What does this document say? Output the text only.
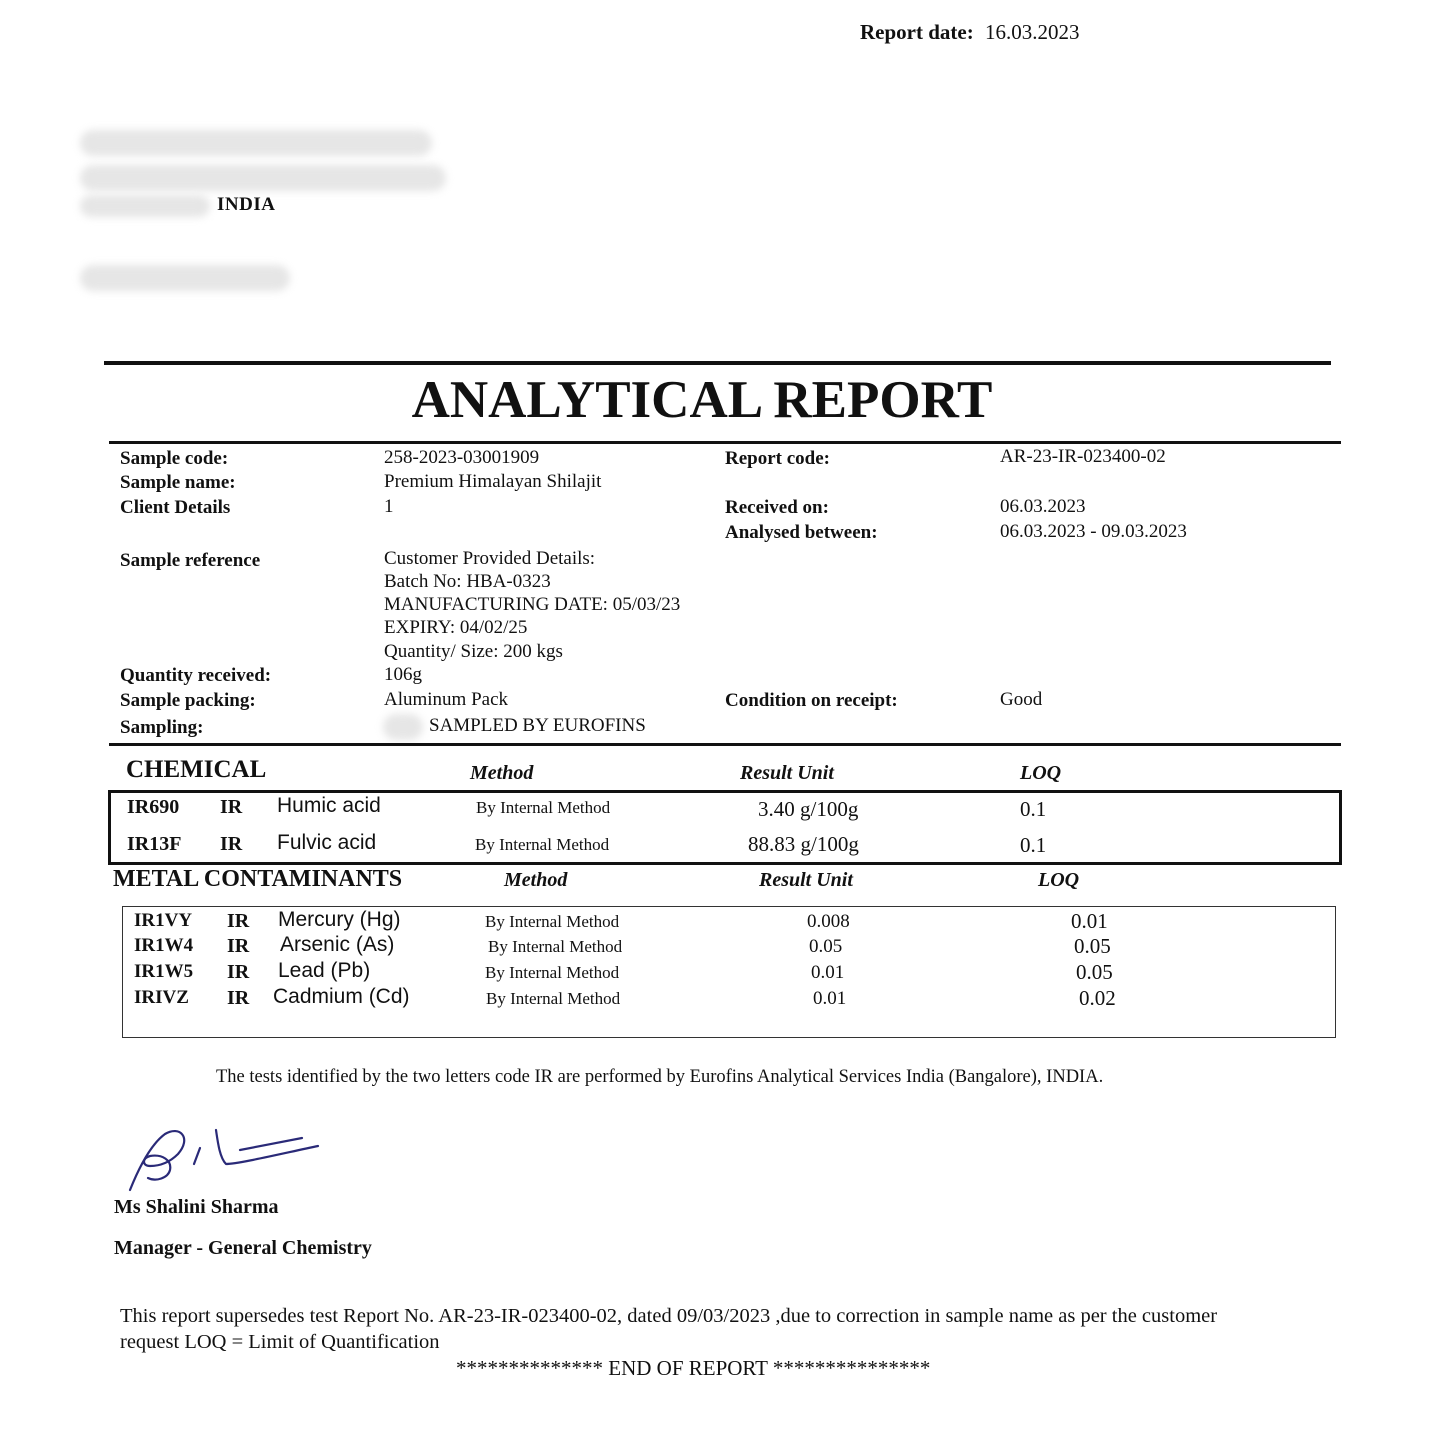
Report date: 16.03.2023
INDIA
ANALYTICAL REPORT
Sample code:	258-2023-03001909
Sample name:	Premium Himalayan Shilajit
Client Details	1
Sample reference	Customer Provided Details:
Batch No: HBA-0323
MANUFACTURING DATE: 05/03/23
EXPIRY: 04/02/25
Quantity/ Size: 200 kgs
Quantity received:	106g
Sample packing:	Aluminum Pack
Sampling:	SAMPLED BY EUROFINS
Report code:	AR-23-IR-023400-02
Received on:	06.03.2023
Analysed between:	06.03.2023 - 09.03.2023
Condition on receipt:	Good
CHEMICAL	Method	Result Unit	LOQ
IR690 IR Humic acid	By Internal Method	3.40 g/100g	0.1
IR13F IR Fulvic acid	By Internal Method	88.83 g/100g	0.1
METAL CONTAMINANTS	Method	Result Unit	LOQ
IR1VY IR Mercury (Hg)	By Internal Method	0.008	0.01
IR1W4 IR Arsenic (As)	By Internal Method	0.05	0.05
IR1W5 IR Lead (Pb)	By Internal Method	0.01	0.05
IRIVZ IR Cadmium (Cd)	By Internal Method	0.01	0.02
The tests identified by the two letters code IR are performed by Eurofins Analytical Services India (Bangalore), INDIA.
Ms Shalini Sharma
Manager - General Chemistry
This report supersedes test Report No. AR-23-IR-023400-02, dated 09/03/2023 ,due to correction in sample name as per the customer
request LOQ = Limit of Quantification
************** END OF REPORT ***************
